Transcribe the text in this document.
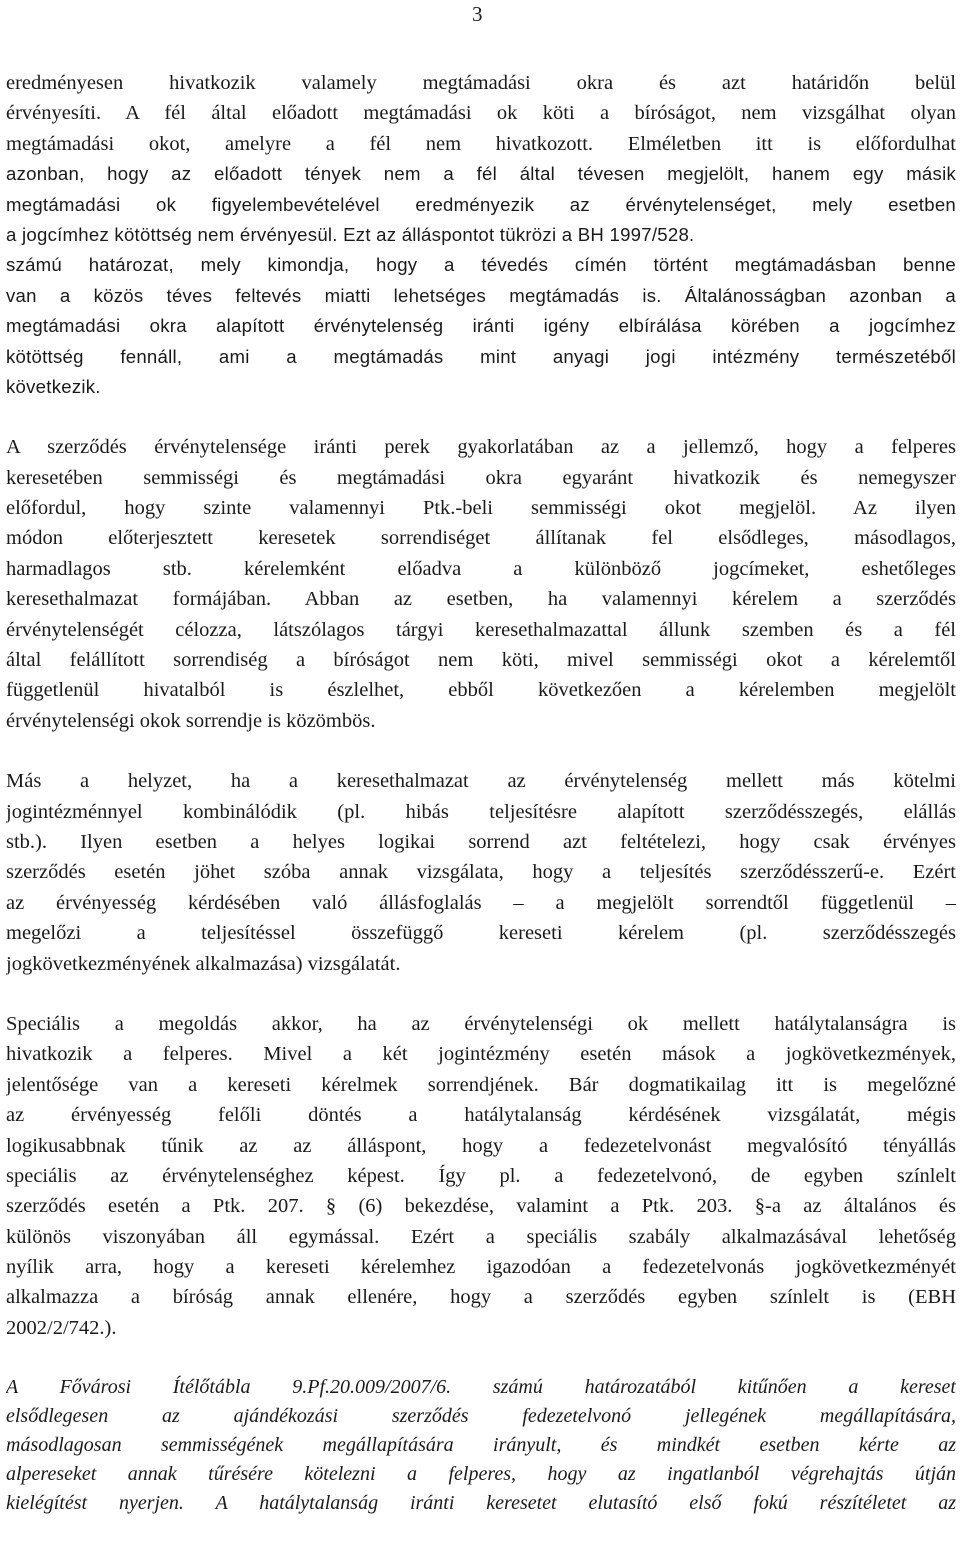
3
eredményesen hivatkozik valamely megtámadási okra és azt határidőn belül
érvényesíti. A fél által előadott megtámadási ok köti a bíróságot, nem vizsgálhat olyan
megtámadási okot, amelyre a fél nem hivatkozott. Elméletben itt is előfordulhat
azonban, hogy az előadott tények nem a fél által tévesen megjelölt, hanem egy másik
megtámadási ok figyelembevételével eredményezik az érvénytelenséget, mely esetben
a jogcímhez kötöttség nem érvényesül. Ezt az álláspontot tükrözi a BH 1997/528.
számú határozat, mely kimondja, hogy a tévedés címén történt megtámadásban benne
van a közös téves feltevés miatti lehetséges megtámadás is. Általánosságban azonban a
megtámadási okra alapított érvénytelenség iránti igény elbírálása körében a jogcímhez
kötöttség fennáll, ami a megtámadás mint anyagi jogi intézmény természetéből
következik.
A szerződés érvénytelensége iránti perek gyakorlatában az a jellemző, hogy a felperes
keresetében semmisségi és megtámadási okra egyaránt hivatkozik és nemegyszer
előfordul, hogy szinte valamennyi Ptk.-beli semmisségi okot megjelöl. Az ilyen
módon előterjesztett keresetek sorrendiséget állítanak fel elsődleges, másodlagos,
harmadlagos stb. kérelemként előadva a különböző jogcímeket, eshetőleges
keresethalmazat formájában. Abban az esetben, ha valamennyi kérelem a szerződés
érvénytelenségét célozza, látszólagos tárgyi keresethalmazattal állunk szemben és a fél
által felállított sorrendiség a bíróságot nem köti, mivel semmisségi okot a kérelemtől
függetlenül hivatalból is észlelhet, ebből következően a kérelemben megjelölt
érvénytelenségi okok sorrendje is közömbös.
Más a helyzet, ha a keresethalmazat az érvénytelenség mellett más kötelmi
jogintézménnyel kombinálódik (pl. hibás teljesítésre alapított szerződésszegés, elállás
stb.). Ilyen esetben a helyes logikai sorrend azt feltételezi, hogy csak érvényes
szerződés esetén jöhet szóba annak vizsgálata, hogy a teljesítés szerződésszerű-e. Ezért
az érvényesség kérdésében való állásfoglalás – a megjelölt sorrendtől függetlenül –
megelőzi a teljesítéssel összefüggő kereseti kérelem (pl. szerződésszegés
jogkövetkezményének alkalmazása) vizsgálatát.
Speciális a megoldás akkor, ha az érvénytelenségi ok mellett hatálytalanságra is
hivatkozik a felperes. Mivel a két jogintézmény esetén mások a jogkövetkezmények,
jelentősége van a kereseti kérelmek sorrendjének. Bár dogmatikailag itt is megelőzné
az érvényesség felőli döntés a hatálytalanság kérdésének vizsgálatát, mégis
logikusabbnak tűnik az az álláspont, hogy a fedezetelvonást megvalósító tényállás
speciális az érvénytelenséghez képest. Így pl. a fedezetelvonó, de egyben színlelt
szerződés esetén a Ptk. 207. § (6) bekezdése, valamint a Ptk. 203. §-a az általános és
különös viszonyában áll egymással. Ezért a speciális szabály alkalmazásával lehetőség
nyílik arra, hogy a kereseti kérelemhez igazodóan a fedezetelvonás jogkövetkezményét
alkalmazza a bíróság annak ellenére, hogy a szerződés egyben színlelt is (EBH
2002/2/742.).
A Fővárosi Ítélőtábla 9.Pf.20.009/2007/6. számú határozatából kitűnően a kereset
elsődlegesen az ajándékozási szerződés fedezetelvonó jellegének megállapítására,
másodlagosan semmisségének megállapítására irányult, és mindkét esetben kérte az
alpereseket annak tűrésére kötelezni a felperes, hogy az ingatlanból végrehajtás útján
kielégítést nyerjen. A hatálytalanság iránti keresetet elutasító első fokú részítéletet az
